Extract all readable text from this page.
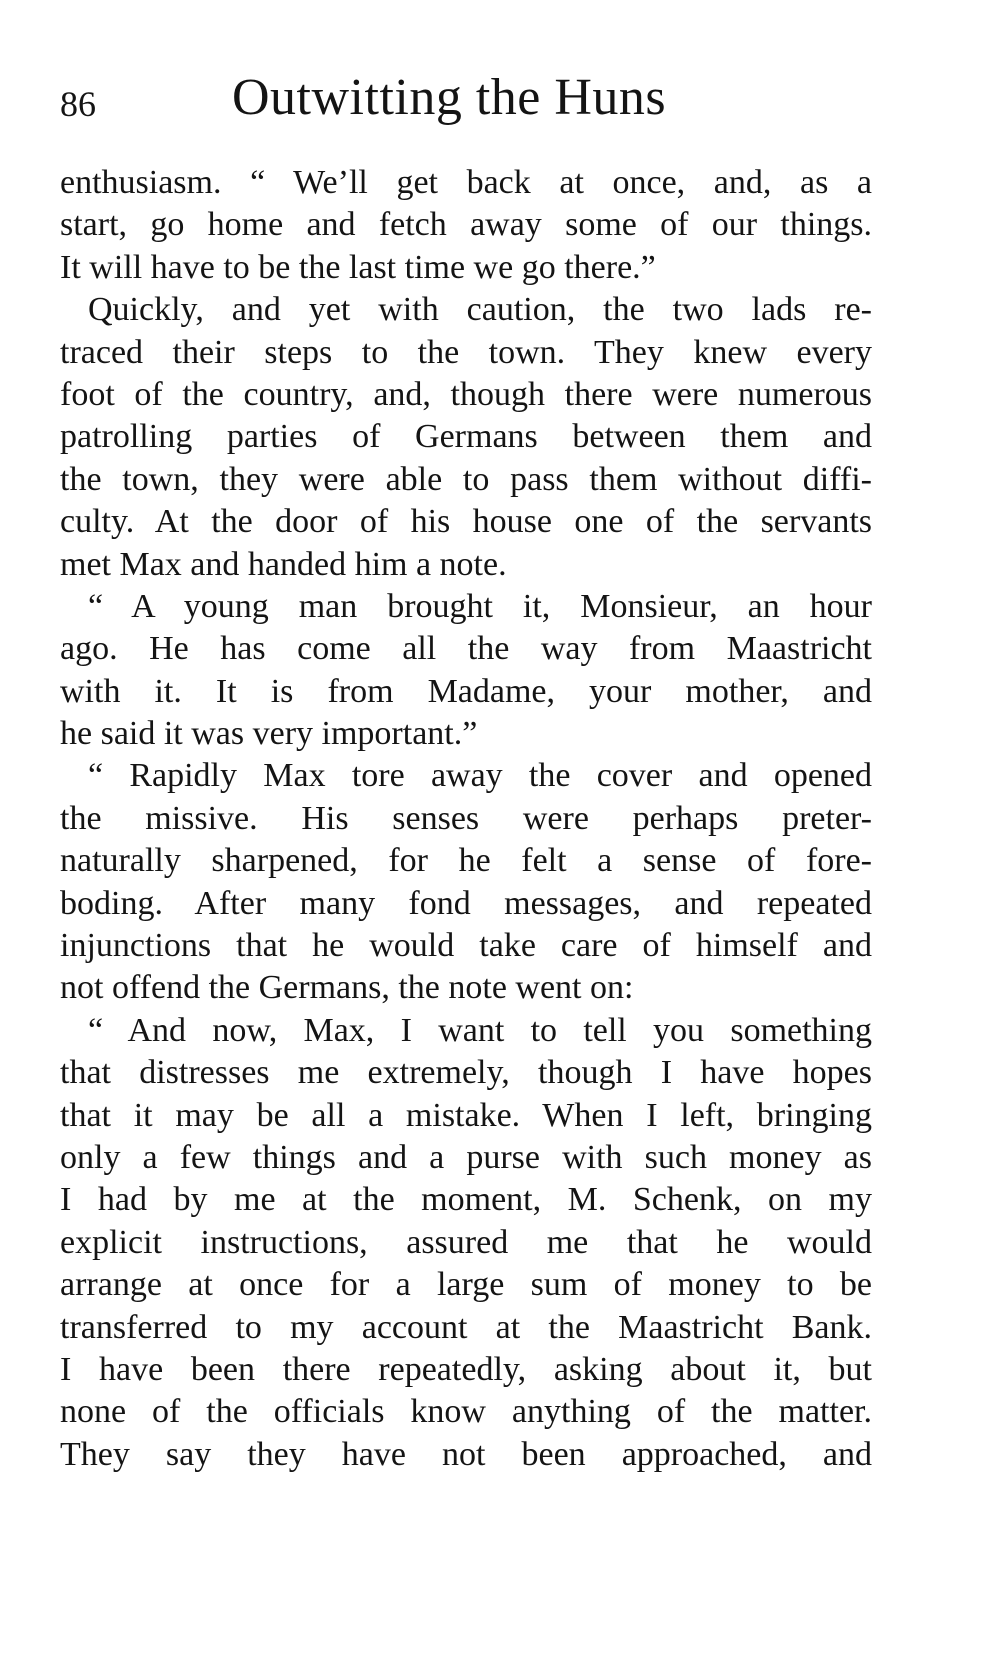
86	Outwitting the Huns
enthusiasm. “ We’ll get back at once, and, as a
start, go home and fetch away some of our things.
It will have to be the last time we go there.”
Quickly, and yet with caution, the two lads re-
traced their steps to the town. They knew every
foot of the country, and, though there were numerous
patrolling parties of Germans between them and
the town, they were able to pass them without diffi-
culty. At the door of his house one of the servants
met Max and handed him a note.
“ A young man brought it, Monsieur, an hour
ago. He has come all the way from Maastricht
with it. It is from Madame, your mother, and
he said it was very important.”
“ Rapidly Max tore away the cover and opened
the missive. His senses were perhaps preter-
naturally sharpened, for he felt a sense of fore-
boding. After many fond messages, and repeated
injunctions that he would take care of himself and
not offend the Germans, the note went on:
“ And now, Max, I want to tell you something
that distresses me extremely, though I have hopes
that it may be all a mistake. When I left, bringing
only a few things and a purse with such money as
I had by me at the moment, M. Schenk, on my
explicit instructions, assured me that he would
arrange at once for a large sum of money to be
transferred to my account at the Maastricht Bank.
I have been there repeatedly, asking about it, but
none of the officials know anything of the matter.
They say they have not been approached, and
